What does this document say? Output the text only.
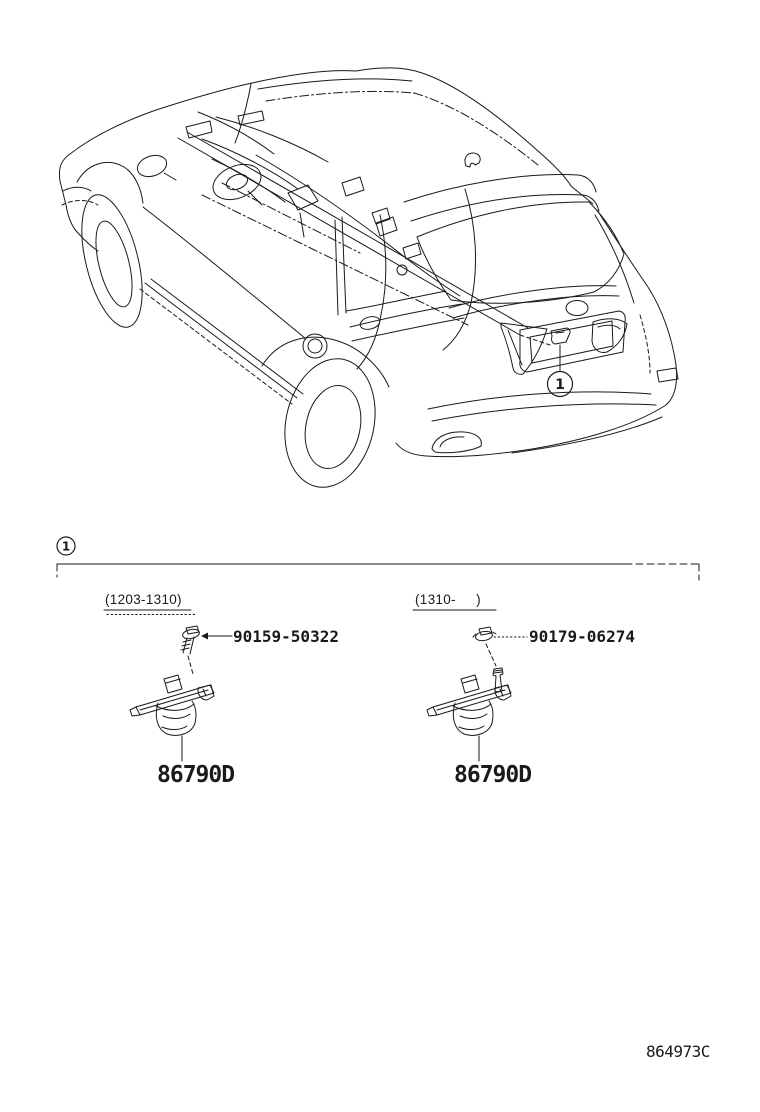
1
1
(1203-1310)
90159-50322
86790D
(1310-     )
90179-06274
86790D
864973C
